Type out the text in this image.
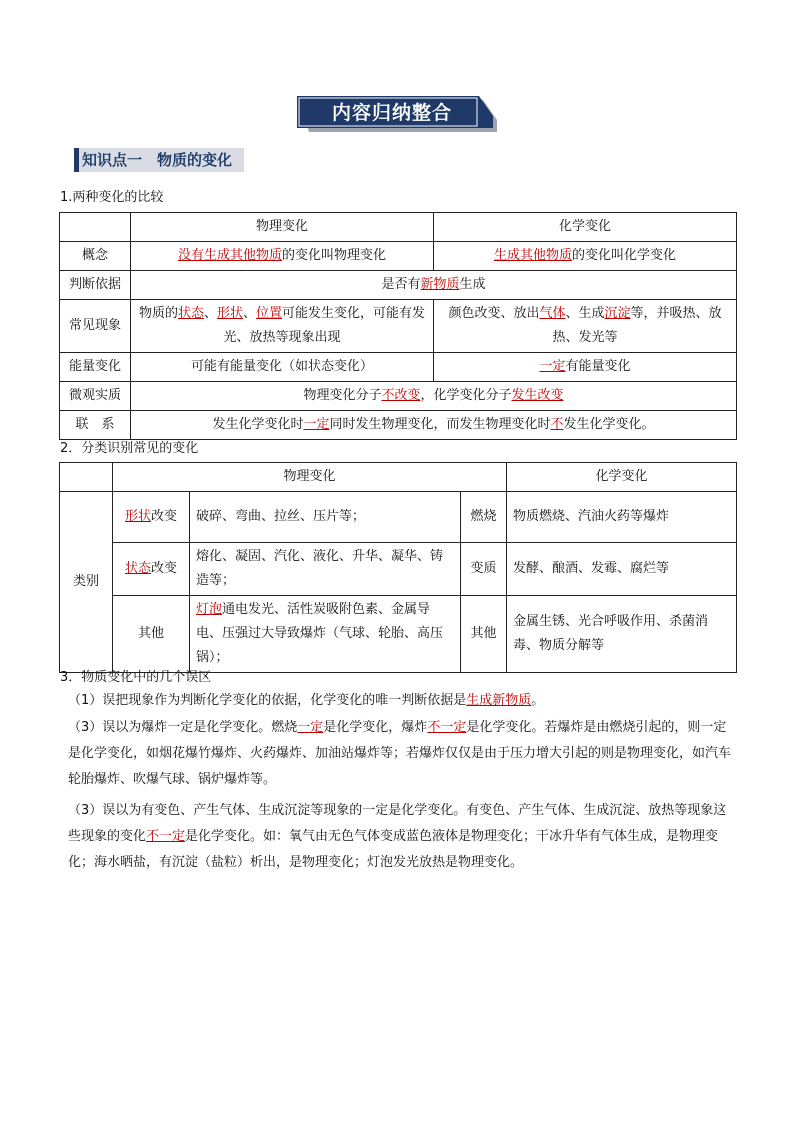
内容归纳整合
知识点一　物质的变化
1.两种变化的比较
	物理变化	化学变化
概念	没有生成其他物质的变化叫物理变化	生成其他物质的变化叫化学变化
判断依据	是否有新物质生成	
常见现象	物质的状态、形状、位置可能发生变化，可能有发光、放热等现象出现	颜色改变、放出气体、生成沉淀等，并吸热、放热、发光等
能量变化	可能有能量变化（如状态变化）	一定有能量变化
微观实质	物理变化分子不改变，化学变化分子发生改变	
联　系	发生化学变化时一定同时发生物理变化，而发生物理变化时不发生化学变化。	
2．分类识别常见的变化
	物理变化			化学变化
类别	形状改变	破碎、弯曲、拉丝、压片等；	燃烧	物质燃烧、汽油火药等爆炸
	状态改变	熔化、凝固、汽化、液化、升华、凝华、铸造等；	变质	发酵、酿酒、发霉、腐烂等
	其他	灯泡通电发光、活性炭吸附色素、金属导电、压强过大导致爆炸（气球、轮胎、高压锅）；	其他	金属生锈、光合呼吸作用、杀菌消毒、物质分解等
3．物质变化中的几个误区
（1）误把现象作为判断化学变化的依据，化学变化的唯一判断依据是生成新物质。
（3）误以为爆炸一定是化学变化。燃烧一定是化学变化，爆炸不一定是化学变化。若爆炸是由燃烧引起的，则一定是化学变化，如烟花爆竹爆炸、火药爆炸、加油站爆炸等；若爆炸仅仅是由于压力增大引起的则是物理变化，如汽车轮胎爆炸、吹爆气球、锅炉爆炸等。
（3）误以为有变色、产生气体、生成沉淀等现象的一定是化学变化。有变色、产生气体、生成沉淀、放热等现象这些现象的变化不一定是化学变化。如：氧气由无色气体变成蓝色液体是物理变化；干冰升华有气体生成，是物理变化；海水晒盐，有沉淀（盐粒）析出，是物理变化；灯泡发光放热是物理变化。
